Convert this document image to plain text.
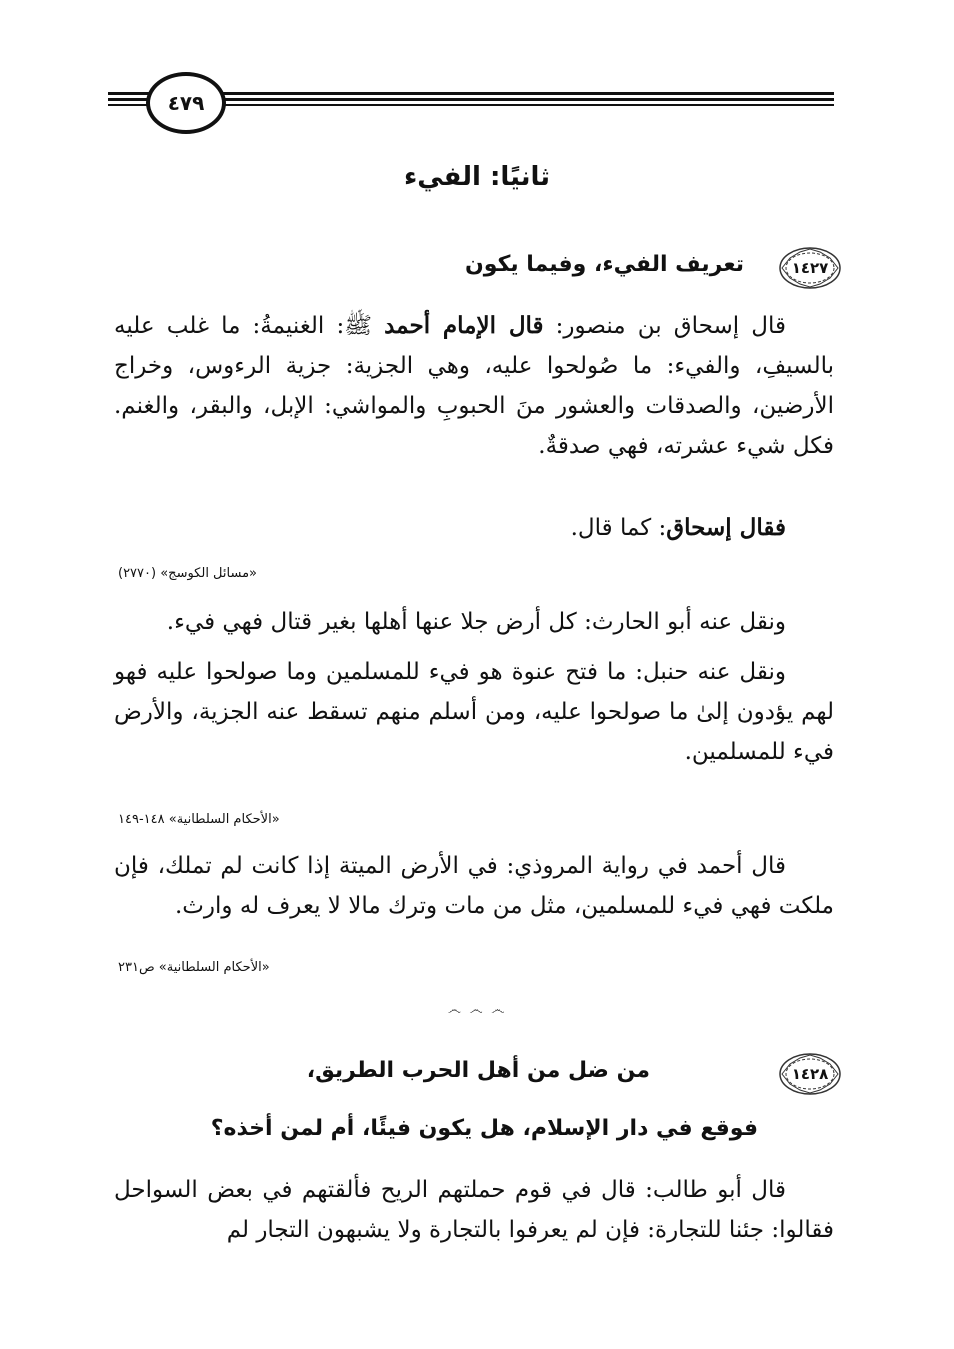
٤٧٩
ثانيًا: الفيء
١٤٢٧
تعريف الفيء، وفيما يكون

قال إسحاق بن منصور: قال الإمام أحمد ﷺ: الغنيمةُ: ما غلب عليه بالسيفِ، والفيء: ما صُولحوا عليه، وهي الجزية: جزية الرءوس، وخراج الأرضين، والصدقات والعشور منَ الحبوبِ والمواشي: الإبل، والبقر، والغنم. فكل شيء عشرته، فهي صدقةٌ.

فقال إسحاق: كما قال.

«مسائل الكوسج» (٢٧٧٠)

ونقل عنه أبو الحارث: كل أرض جلا عنها أهلها بغير قتال فهي فيء.

ونقل عنه حنبل: ما فتح عنوة هو فيء للمسلمين وما صولحوا عليه فهو لهم يؤدون إلىٰ ما صولحوا عليه، ومن أسلم منهم تسقط عنه الجزية، والأرض فيء للمسلمين.

«الأحكام السلطانية» ١٤٨-١٤٩

قال أحمد في رواية المروذي: في الأرض الميتة إذا كانت لم تملك، فإن ملكت فهي فيء للمسلمين، مثل من مات وترك مالا لا يعرف له وارث.

«الأحكام السلطانية» ص٢٣١
෴ ෴ ෴
١٤٢٨
من ضل من أهل الحرب الطريق،
فوقع في دار الإسلام، هل يكون فيئًا، أم لمن أخذه؟

قال أبو طالب: قال في قوم حملتهم الريح فألقتهم في بعض السواحل فقالوا: جئنا للتجارة: فإن لم يعرفوا بالتجارة ولا يشبهون التجار لم
